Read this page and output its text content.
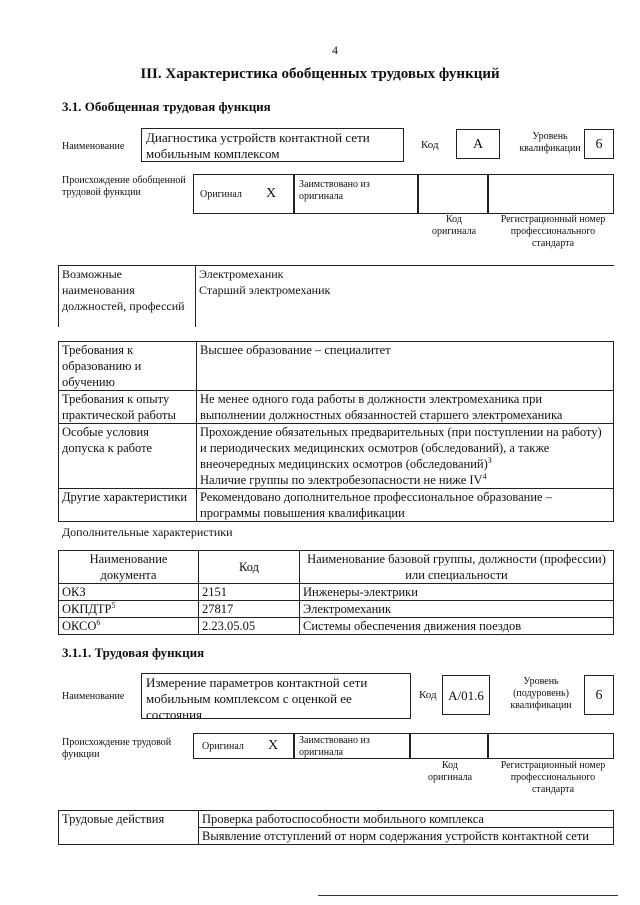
4
III. Характеристика обобщенных трудовых функций
3.1. Обобщенная трудовая функция
Наименование
Диагностика устройств контактной сети мобильным комплексом
Код	A
Уровень квалификации	6
Происхождение обобщенной трудовой функции	Оригинал X
Заимствовано из оригинала
Код оригинала
Регистрационный номер профессионального стандарта
Возможные наименования должностей, профессий
Электромеханик
Старший электромеханик
Требования к образованию и обучению	Высшее образование – специалитет
Требования к опыту практической работы	Не менее одного года работы в должности электромеханика при выполнении должностных обязанностей старшего электромеханика
Особые условия допуска к работе	Прохождение обязательных предварительных (при поступлении на работу) и периодических медицинских осмотров (обследований), а также внеочередных медицинских осмотров (обследований)$^3$
Наличие группы по электробезопасности не ниже $IV^4$
Другие характеристики	Рекомендовано дополнительное профессиональное образование – программы повышения квалификации
Дополнительные характеристики
Наименование документа	Код	Наименование базовой группы, должности (профессии) или специальности
ОКЗ	2151	Инженеры-электрики
ОКПДТР$^5$	27817	Электромеханик
ОКСО$^6$	2.23.05.05	Системы обеспечения движения поездов
3.1.1. Трудовая функция
Наименование
Измерение параметров контактной сети мобильным комплексом с оценкой ее состояния
Код A/01.6
Уровень (подуровень) квалификации
6
Происхождение трудовой функции
Оригинал X	Заимствовано из оригинала
Код оригинала
Регистрационный номер профессионального стандарта
Трудовые действия	Проверка работоспособности мобильного комплекса
Выявление отступлений от норм содержания устройств контактной сети
